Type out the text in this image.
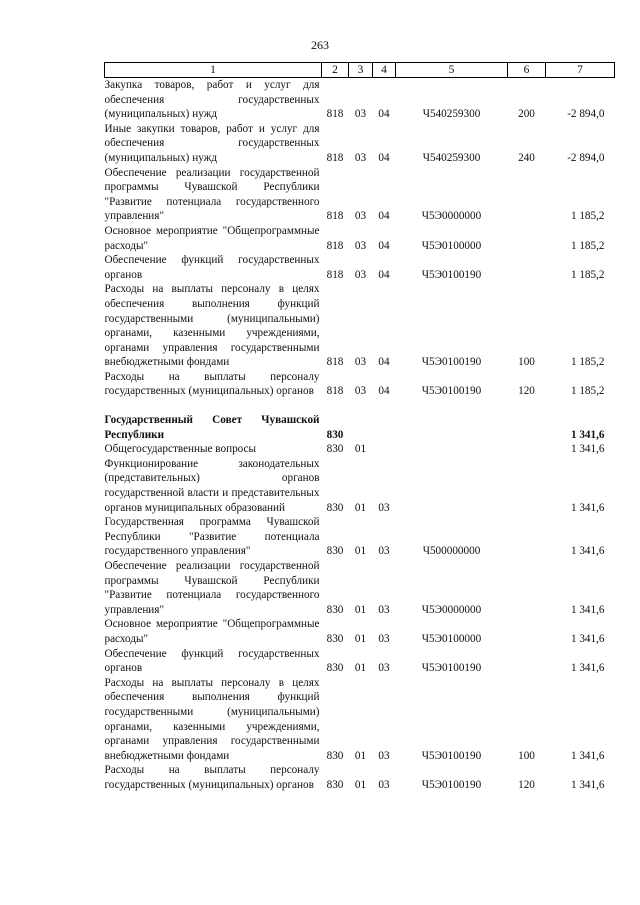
263
1	2	3	4	5	6	7
Закупка товаров, работ и услуг для обеспечения государственных (муниципальных) нужд	818	03	04	Ч540259300	200	-2 894,0
Иные закупки товаров, работ и услуг для обеспечения государственных (муниципальных) нужд	818	03	04	Ч540259300	240	-2 894,0
Обеспечение реализации государственной программы Чувашской Республики "Развитие потенциала государственного управления"	818	03	04	Ч5Э0000000		1 185,2
Основное мероприятие "Общепрограммные расходы"	818	03	04	Ч5Э0100000		1 185,2
Обеспечение функций государственных органов	818	03	04	Ч5Э0100190		1 185,2
Расходы на выплаты персоналу в целях обеспечения выполнения функций государственными (муниципальными) органами, казенными учреждениями, органами управления государственными внебюджетными фондами	818	03	04	Ч5Э0100190	100	1 185,2
Расходы на выплаты персоналу государственных (муниципальных) органов	818	03	04	Ч5Э0100190	120	1 185,2

Государственный Совет Чувашской Республики	830					1 341,6
Общегосударственные вопросы	830	01				1 341,6
Функционирование законодательных (представительных) органов государственной власти и представительных органов муниципальных образований	830	01	03			1 341,6
Государственная программа Чувашской Республики "Развитие потенциала государственного управления"	830	01	03	Ч500000000		1 341,6
Обеспечение реализации государственной программы Чувашской Республики "Развитие потенциала государственного управления"	830	01	03	Ч5Э0000000		1 341,6
Основное мероприятие "Общепрограммные расходы"	830	01	03	Ч5Э0100000		1 341,6
Обеспечение функций государственных органов	830	01	03	Ч5Э0100190		1 341,6
Расходы на выплаты персоналу в целях обеспечения выполнения функций государственными (муниципальными) органами, казенными учреждениями, органами управления государственными внебюджетными фондами	830	01	03	Ч5Э0100190	100	1 341,6
Расходы на выплаты персоналу государственных (муниципальных) органов	830	01	03	Ч5Э0100190	120	1 341,6
